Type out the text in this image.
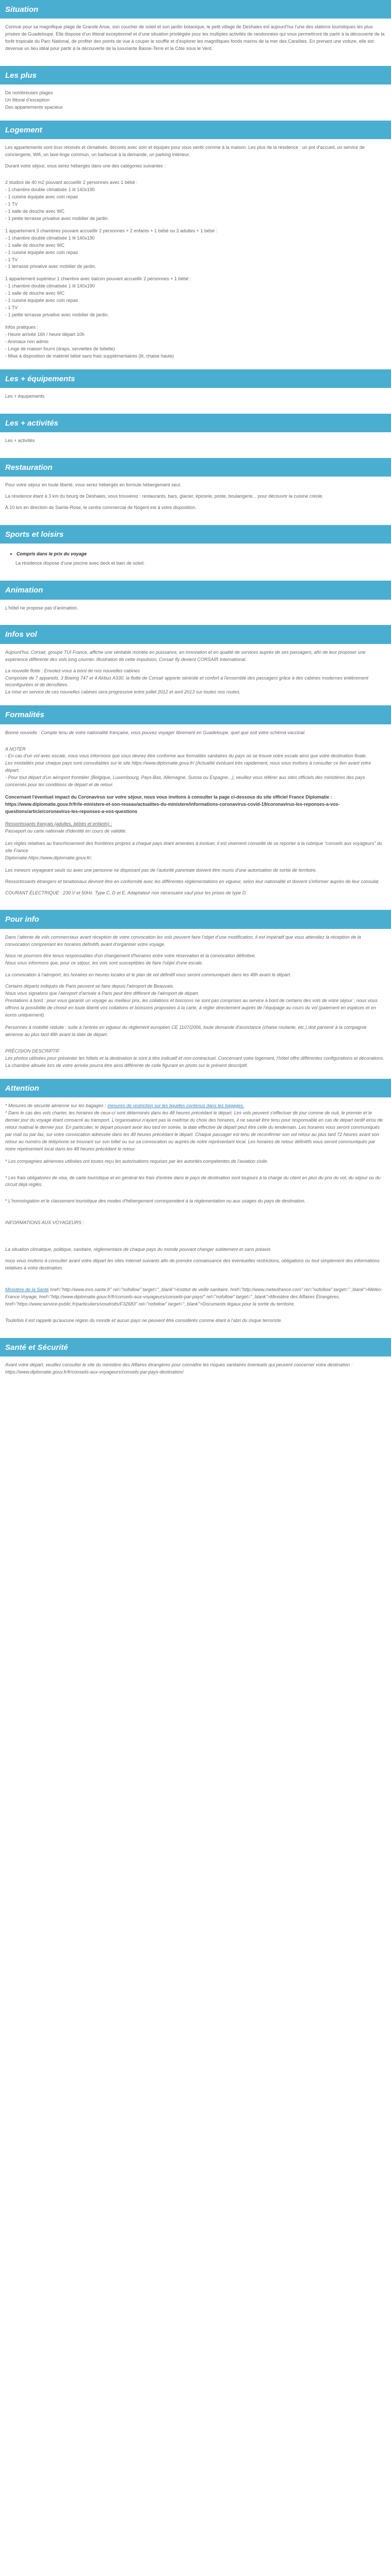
Situation

Connue pour sa magnifique plage de Grande Anse, son coucher de soleil et son jardin botanique, le petit village de Deshaies est aujourd’hui l’une des stations touristiques les plus prisées de Guadeloupe. Elle dispose d’un littoral exceptionnel et d’une situation privilégiée pour les multiples activités de randonnées qui vous permettront de partir à la découverte de la forêt tropicale du Parc National, de profiter des points de vue à couper le souffle et d'explorer les magnifiques fonds marins de la mer des Caraïbes. En prenant une voiture, elle est devenue un lieu idéal pour partir à la découverte de la luxuriante Basse-Terre et la Côte sous le Vent.

Les plus
De nombreuses plages
Un littoral d’exception
Des appartements spacieux
Logement

Les appartements sont tous rénovés et climatisés, décorés avec soin et équipés pour vous sentir comme à la maison. Les plus de la résidence : un pot d’accueil, un service de conciergerie, Wifi, un lave-linge commun, un barbecue à la demande, un parking intérieur.

Durant votre séjour, vous serez hébergés dans une des catégories suivantes :

2 studios de 40 m2 pouvant accueillir 2 personnes avec 1 bébé :
- 1 chambre double climatisée 1 lit 140x190
- 1 cuisine équipée avec coin repas
- 1 TV
- 1 salle de douche avec WC
- 1 petite terrasse privative avec mobilier de jardin.
1 appartement 3 chambres pouvant accueillir 2 personnes + 2 enfants + 1 bébé ou 3 adultes + 1 bébé :
- 1 chambre double climatisée 1 lit 140x190
- 1 salle de douche avec WC
- 1 cuisine équipée avec coin repas
- 1 TV
- 1 terrasse privative avec mobilier de jardin.
1 appartement supérieur 1 chambre avec balcon pouvant accueillir 2 personnes + 1 bébé :
- 1 chambre double climatisée 1 lit 140x190
- 1 salle de douche avec WC
- 1 cuisine équipée avec coin repas
- 1 TV
- 1 petite terrasse privative avec mobilier de jardin.
Infos pratiques :
- Heure arrivée 16h / heure départ 10h
- Animaux non admis
- Linge de maison fourni (draps, serviettes de toilette)
- Mise à disposition de matériel bébé sans frais supplémentaires (lit, chaise haute)
Les + équipements

Les + équipements

Les + activités

Les + activités

Restauration

Pour votre séjour en toute liberté, vous serez hébergés en formule hébergement seul.

La résidence étant à 3 km du bourg de Deshaies, vous trouverez : restaurants, bars, glacier, épicerie, poste, boulangerie... pour découvrir la cuisine créole.

À 10 km en direction de Sainte-Rose, le centre commercial de Nogent est à votre disposition.

Sports et loisirs
• Compris dans le prix du voyage

La résidence dispose d’une piscine avec deck et bain de soleil.

Animation

L'hôtel ne propose pas d'animation.

Infos vol

Aujourd'hui, Corsair, groupe TUI France, affiche une véritable montée en puissance, en innovation et en qualité de services auprès de ses passagers, afin de leur proposer une expérience différente des vols long courrier. Illustration de cette impulsion, Corsair fly devient CORSAIR International.

La nouvelle flotte : Envolez-vous à bord de nos nouvelles cabines
Composée de 7 appareils, 3 Boeing 747 et 4 Airbus A330, la flotte de Corsair apporte sérénité et confort à l'ensemble des passagers grâce à des cabines modernes entièrement reconfigurées et de densifiées.
La mise en service de ces nouvelles cabines sera progressive entre juillet 2012 et avril 2013 sur toutes nos routes.
Formalités

Bonne nouvelle : Compte tenu de votre nationalité française, vous pouvez voyager librement en Guadeloupe, quel que soit votre schéma vaccinal.

A NOTER
- En cas d’un vol avec escale, nous vous informons que vous devrez être conforme aux formalités sanitaires du pays où se trouve votre escale ainsi que votre destination finale.
Les modalités pour chaque pays sont consultables sur le site https://www.diplomatie.gouv.fr/ (Actualité évoluant très rapidement, nous vous invitons à consulter ce lien avant votre départ.
- Pour tout départ d’un aéroport frontalier (Belgique, Luxembourg, Pays-Bas, Allemagne, Suisse ou Espagne...), veuillez vous référer aux sites officiels des ministères des pays concernés pour les conditions de départ et de retour.
Concernant l'éventuel impact du Coronavirus sur votre séjour, nous vous invitons à consulter la page ci-dessous du site officiel France Diplomatie :
https://www.diplomatie.gouv.fr/fr/le-ministere-et-son-reseau/actualites-du-ministere/informations-coronavirus-covid-19/coronavirus-les-reponses-a-vos-questions/article/coronavirus-les-reponses-a-vos-questions
Ressortissants français (adultes, bébés et enfants) :
Passeport ou carte nationale d'identité en cours de validité.
Les règles relatives au franchissement des frontières propres à chaque pays étant amenées à évoluer, il est vivement conseillé de se reporter à la rubrique “conseils aux voyageurs” du site France
Diplomatie.https://www.diplomatie.gouv.fr/.

Les mineurs voyageant seuls ou avec une personne ne disposant pas de l'autorité parentale doivent être munis d'une autorisation de sortie de territoire.

Ressortissants étrangers et binationaux devront être en conformité avec les différentes réglementations en vigueur, selon leur nationalité et doivent s'informer auprès de leur consulat.

COURANT ÉLECTRIQUE : 230 V et 50Hz. Type C, D et E. Adaptateur non nécessaire sauf pour les prises de type D.

Pour info

Dans l’attente de vols commerciaux avant réception de votre convocation les vols peuvent faire l’objet d’une modification. Il est impératif que vous attendiez la réception de la convocation comprenant les horaires définitifs avant d’organiser votre voyage.

Nous ne pourrons être tenus responsables d'un changement d'horaires entre votre réservation et la convocation définitive.
Nous vous informons que, pour ce séjour, les vols sont susceptibles de faire l'objet d'une escale.

La convocation à l'aéroport, les horaires en heures locales et le plan de vol définitif vous seront communiqués dans les 48h avant le départ.

Certains départs indiqués de Paris peuvent se faire depuis l'aéroport de Beauvais.
Nous vous signalons que l'aéroport d'arrivée à Paris peut être différent de l'aéroport de départ.
Prestations à bord : pour vous garantir un voyage au meilleur prix, les collations et boissons ne sont pas comprises au service à bord de certains des vols de votre séjour ; nous vous offrons la possibilité de choisir en toute liberté vos collations et boissons proposées à la carte, à régler directement auprès de l’équipage au cours du vol (paiement en espèces et en euros uniquement).

Personnes à mobilité réduite : suite à l'entrée en vigueur du règlement européen CE 1107/2006, toute demande d'assistance (chaise roulante, etc.) doit parvenir à la compagnie aérienne au plus tard 48h avant la date de départ.

PRÉCISION DESCRIPTIF
Les photos utilisées pour présenter les hôtels et la destination le sont à titre indicatif et non-contractuel. Concernant votre logement, l’hôtel offre différentes configurations et décorations. La chambre allouée lors de votre arrivée pourra être ainsi différente de celle figurant en photo sur le présent descriptif.
Attention
* Mesures de sécurité aérienne sur les bagages : mesures de restriction sur les liquides contenus dans les bagages.
* Dans le cas des vols charter, les horaires de ceux-ci sont déterminés dans les 48 heures précédant le départ. Les vols peuvent s'effectuer de jour comme de nuit, le premier et le dernier jour du voyage étant consacré au transport. L'organisateur n'ayant pas la maîtrise du choix des horaires, il ne saurait être tenu pour responsable en cas de départ tardif et/ou de retour matinal le dernier jour. En particulier, le départ pouvant avoir lieu tard en soirée, la date effective de départ peut être celle du lendemain. Les horaires vous seront communiqués par mail ou par fax, sur votre convocation adressée dans les 48 heures précédant le départ. Chaque passager est tenu de reconfirmer son vol retour au plus tard 72 heures avant son retour au numéro de téléphone se trouvant sur son billet ou sur sa convocation ou auprès de notre représentant local. Les horaires de retour définitifs vous seront communiqués par notre représentant local dans les 48 heures précédant le retour.

* Les compagnies aériennes utilisées ont toutes reçu les autorisations requises par les autorités compétentes de l'aviation civile.

* Les frais obligatoires de visa, de carte touristique et en général les frais d'entrée dans le pays de destination sont toujours à la charge du client en plus du prix du vol, du séjour ou du circuit déjà réglés.

* L'homologation et le classement touristique des modes d'hébergement correspondent à la réglementation ou aux usages du pays de destination.

INFORMATIONS AUX VOYAGEURS :

La situation climatique, politique, sanitaire, réglementaire de chaque pays du monde pouvant changer subitement et sans préavis

nous vous invitons à consulter avant votre départ les sites Internet suivants afin de prendre connaissance des éventuelles restrictions, obligations ou tout simplement des informations relatives à votre destination.

Ministère de la Santé href="http://www.invs.sante.fr" rel="nofollow" target="_blank">Institut de veille sanitaire, href="http://www.meteofrance.com" rel="nofollow" target="_blank">Météo-France Voyage, href="http://www.diplomatie.gouv.fr/fr/conseils-aux-voyageurs/conseils-par-pays/" rel="nofollow" target="_blank">Ministère des Affaires Étrangères, href="https://www.service-public.fr/particuliers/vosdroits/F32683" rel="nofollow" target="_blank">Documents légaux pour la sortie du territoire.

Toutefois il est rappelé qu’aucune région du monde et aucun pays ne peuvent être considérés comme étant à l’abri du risque terroriste.

Santé et Sécurité

Avant votre départ, veuillez consulter le site du ministère des Affaires étrangères pour connaître les risques sanitaires éventuels qui peuvent concerner votre destination : https://www.diplomatie.gouv.fr/fr/conseils-aux-voyageurs/conseils-par-pays-destination/
